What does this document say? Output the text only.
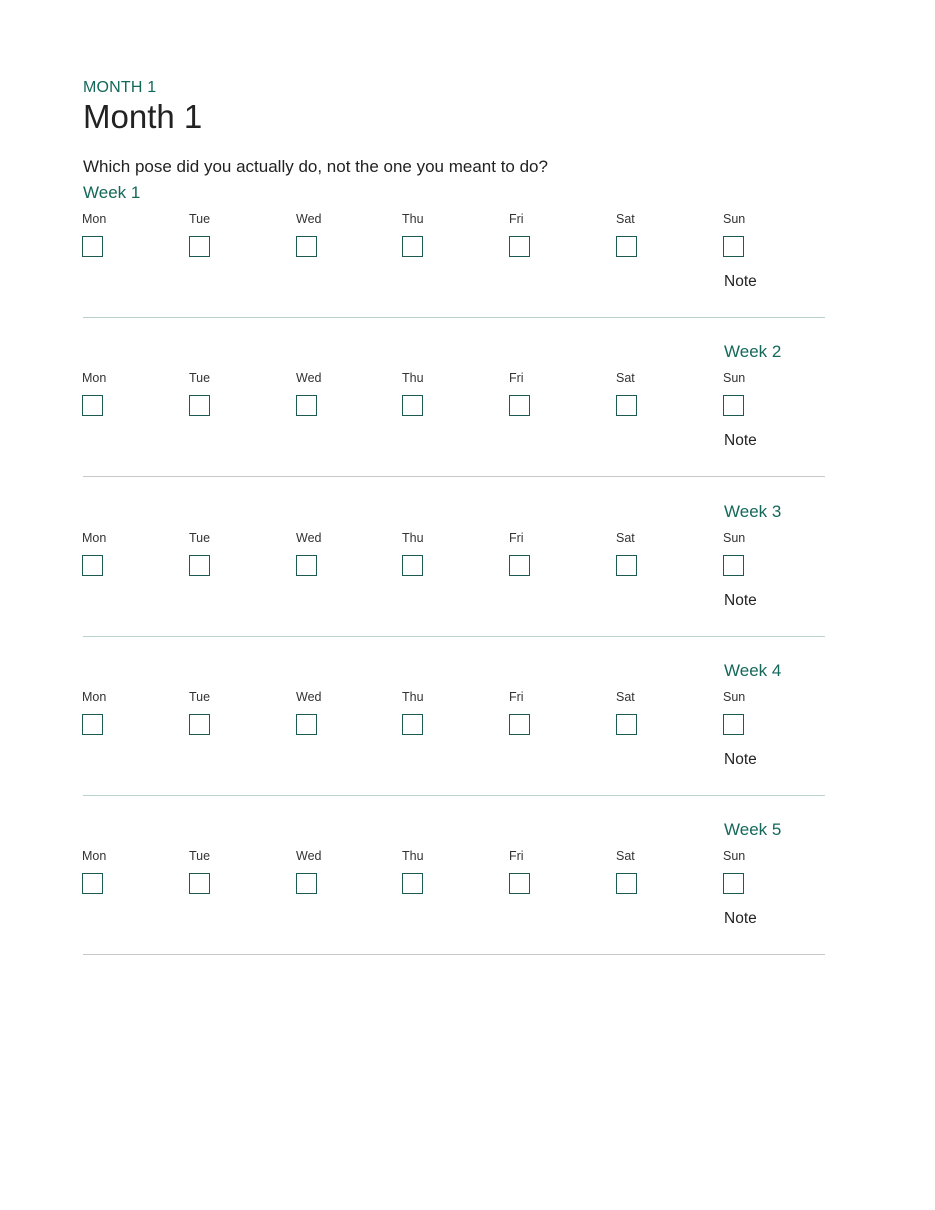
MONTH 1
Month 1
Which pose did you actually do, not the one you meant to do?
Week 1
Mon	Tue	Wed	Thu	Fri	Sat	Sun
Note
Week 2
Mon	Tue	Wed	Thu	Fri	Sat	Sun
Note
Week 3
Mon	Tue	Wed	Thu	Fri	Sat	Sun
Note
Week 4
Mon	Tue	Wed	Thu	Fri	Sat	Sun
Note
Week 5
Mon	Tue	Wed	Thu	Fri	Sat	Sun
Note
